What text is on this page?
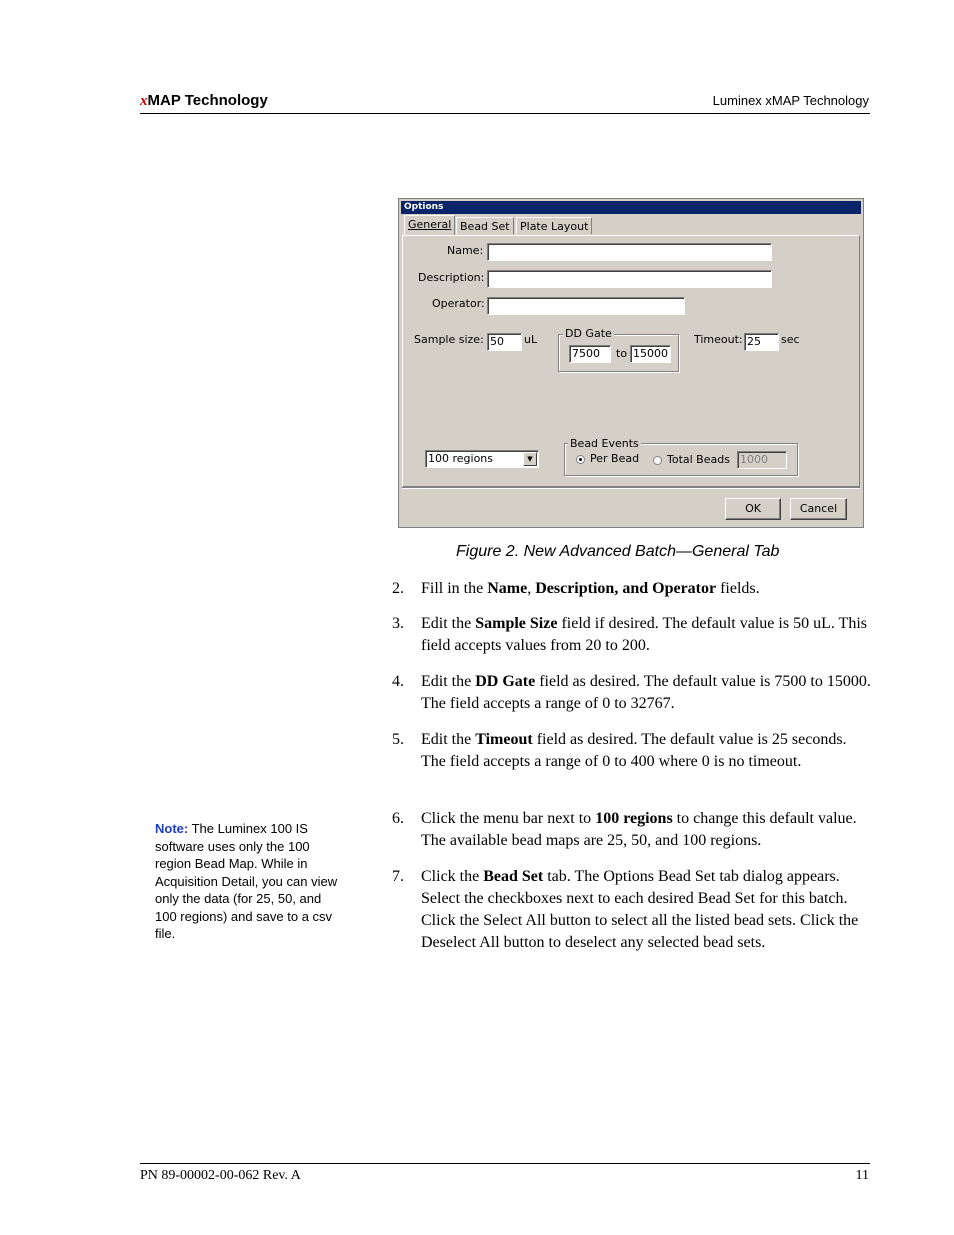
xMAP Technology	Luminex xMAP Technology
Options
General Bead Set Plate Layout
Name:
Description:
Operator:
Sample size: 50	uL	DD Gate
7500	to 15000
Timeout: 25	sec
100 regions	▼
Bead Events
Per Bead	Total Beads 1000
OK	Cancel
Figure 2. New Advanced Batch—General Tab
2. Fill in the Name, Description, and Operator fields.
3. Edit the Sample Size field if desired. The default value is 50 uL. This field accepts values from 20 to 200.
4. Edit the DD Gate field as desired. The default value is 7500 to 15000. The field accepts a range of 0 to 32767.
5. Edit the Timeout field as desired. The default value is 25 seconds. The field accepts a range of 0 to 400 where 0 is no timeout.
6. Click the menu bar next to 100 regions to change this default value. The available bead maps are 25, 50, and 100 regions.
7. Click the Bead Set tab. The Options Bead Set tab dialog appears. Select the checkboxes next to each desired Bead Set for this batch. Click the Select All button to select all the listed bead sets. Click the Deselect All button to deselect any selected bead sets.
Note: The Luminex 100 IS software uses only the 100 region Bead Map. While in Acquisition Detail, you can view only the data (for 25, 50, and 100 regions) and save to a csv file.
PN 89-00002-00-062 Rev. A	11
